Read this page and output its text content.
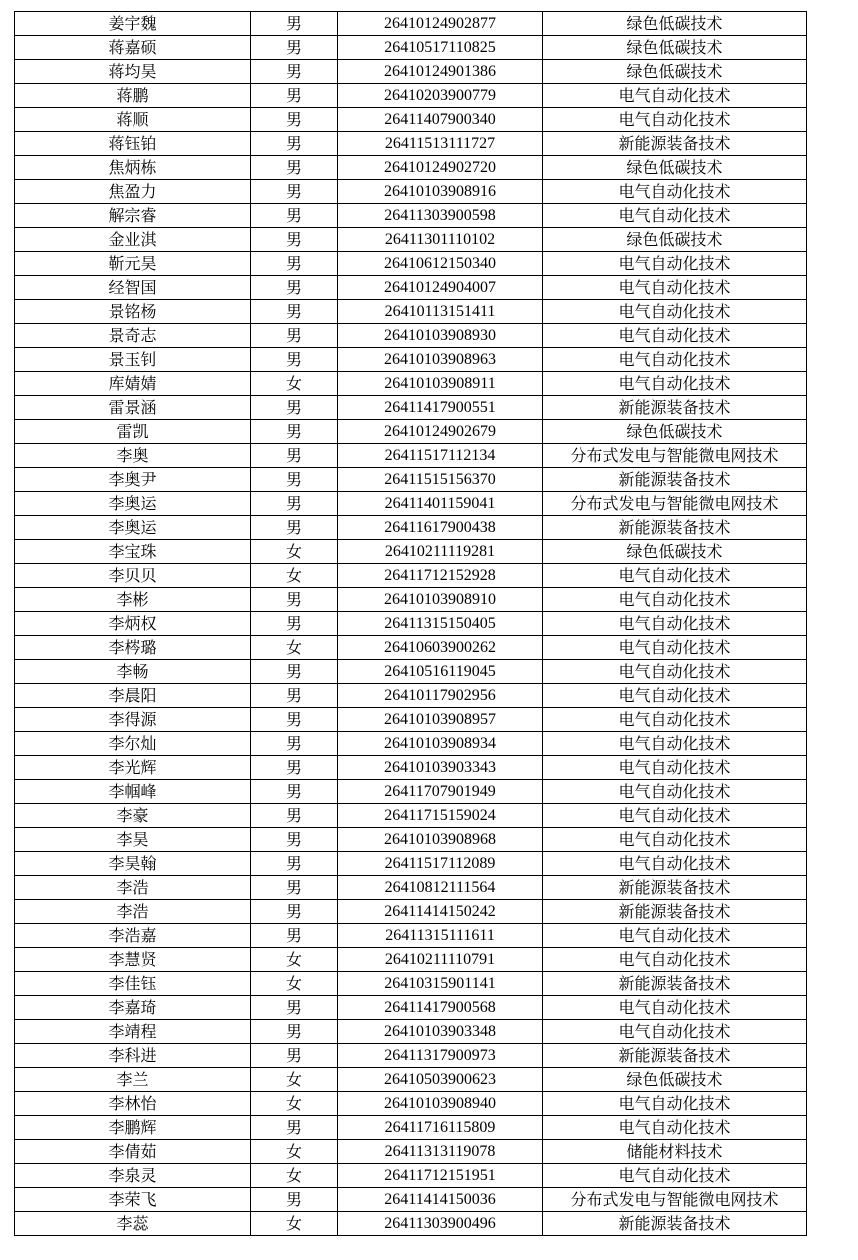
姜宇魏	男	26410124902877	绿色低碳技术
蒋嘉硕	男	26410517110825	绿色低碳技术
蒋均昊	男	26410124901386	绿色低碳技术
蒋鹏	男	26410203900779	电气自动化技术
蒋顺	男	26411407900340	电气自动化技术
蒋钰铂	男	26411513111727	新能源装备技术
焦炳栋	男	26410124902720	绿色低碳技术
焦盈力	男	26410103908916	电气自动化技术
解宗睿	男	26411303900598	电气自动化技术
金业淇	男	26411301110102	绿色低碳技术
靳元昊	男	26410612150340	电气自动化技术
经智国	男	26410124904007	电气自动化技术
景铭杨	男	26410113151411	电气自动化技术
景奇志	男	26410103908930	电气自动化技术
景玉钊	男	26410103908963	电气自动化技术
库婧婧	女	26410103908911	电气自动化技术
雷景涵	男	26411417900551	新能源装备技术
雷凯	男	26410124902679	绿色低碳技术
李奥	男	26411517112134	分布式发电与智能微电网技术
李奥尹	男	26411515156370	新能源装备技术
李奥运	男	26411401159041	分布式发电与智能微电网技术
李奥运	男	26411617900438	新能源装备技术
李宝珠	女	26410211119281	绿色低碳技术
李贝贝	女	26411712152928	电气自动化技术
李彬	男	26410103908910	电气自动化技术
李炳权	男	26411315150405	电气自动化技术
李梣璐	女	26410603900262	电气自动化技术
李畅	男	26410516119045	电气自动化技术
李晨阳	男	26410117902956	电气自动化技术
李得源	男	26410103908957	电气自动化技术
李尔灿	男	26410103908934	电气自动化技术
李光辉	男	26410103903343	电气自动化技术
李帼峰	男	26411707901949	电气自动化技术
李豪	男	26411715159024	电气自动化技术
李昊	男	26410103908968	电气自动化技术
李昊翰	男	26411517112089	电气自动化技术
李浩	男	26410812111564	新能源装备技术
李浩	男	26411414150242	新能源装备技术
李浩嘉	男	26411315111611	电气自动化技术
李慧贤	女	26410211110791	电气自动化技术
李佳钰	女	26410315901141	新能源装备技术
李嘉琦	男	26411417900568	电气自动化技术
李靖程	男	26410103903348	电气自动化技术
李科进	男	26411317900973	新能源装备技术
李兰	女	26410503900623	绿色低碳技术
李林怡	女	26410103908940	电气自动化技术
李鹏辉	男	26411716115809	电气自动化技术
李倩茹	女	26411313119078	储能材料技术
李泉灵	女	26411712151951	电气自动化技术
李荣飞	男	26411414150036	分布式发电与智能微电网技术
李蕊	女	26411303900496	新能源装备技术
